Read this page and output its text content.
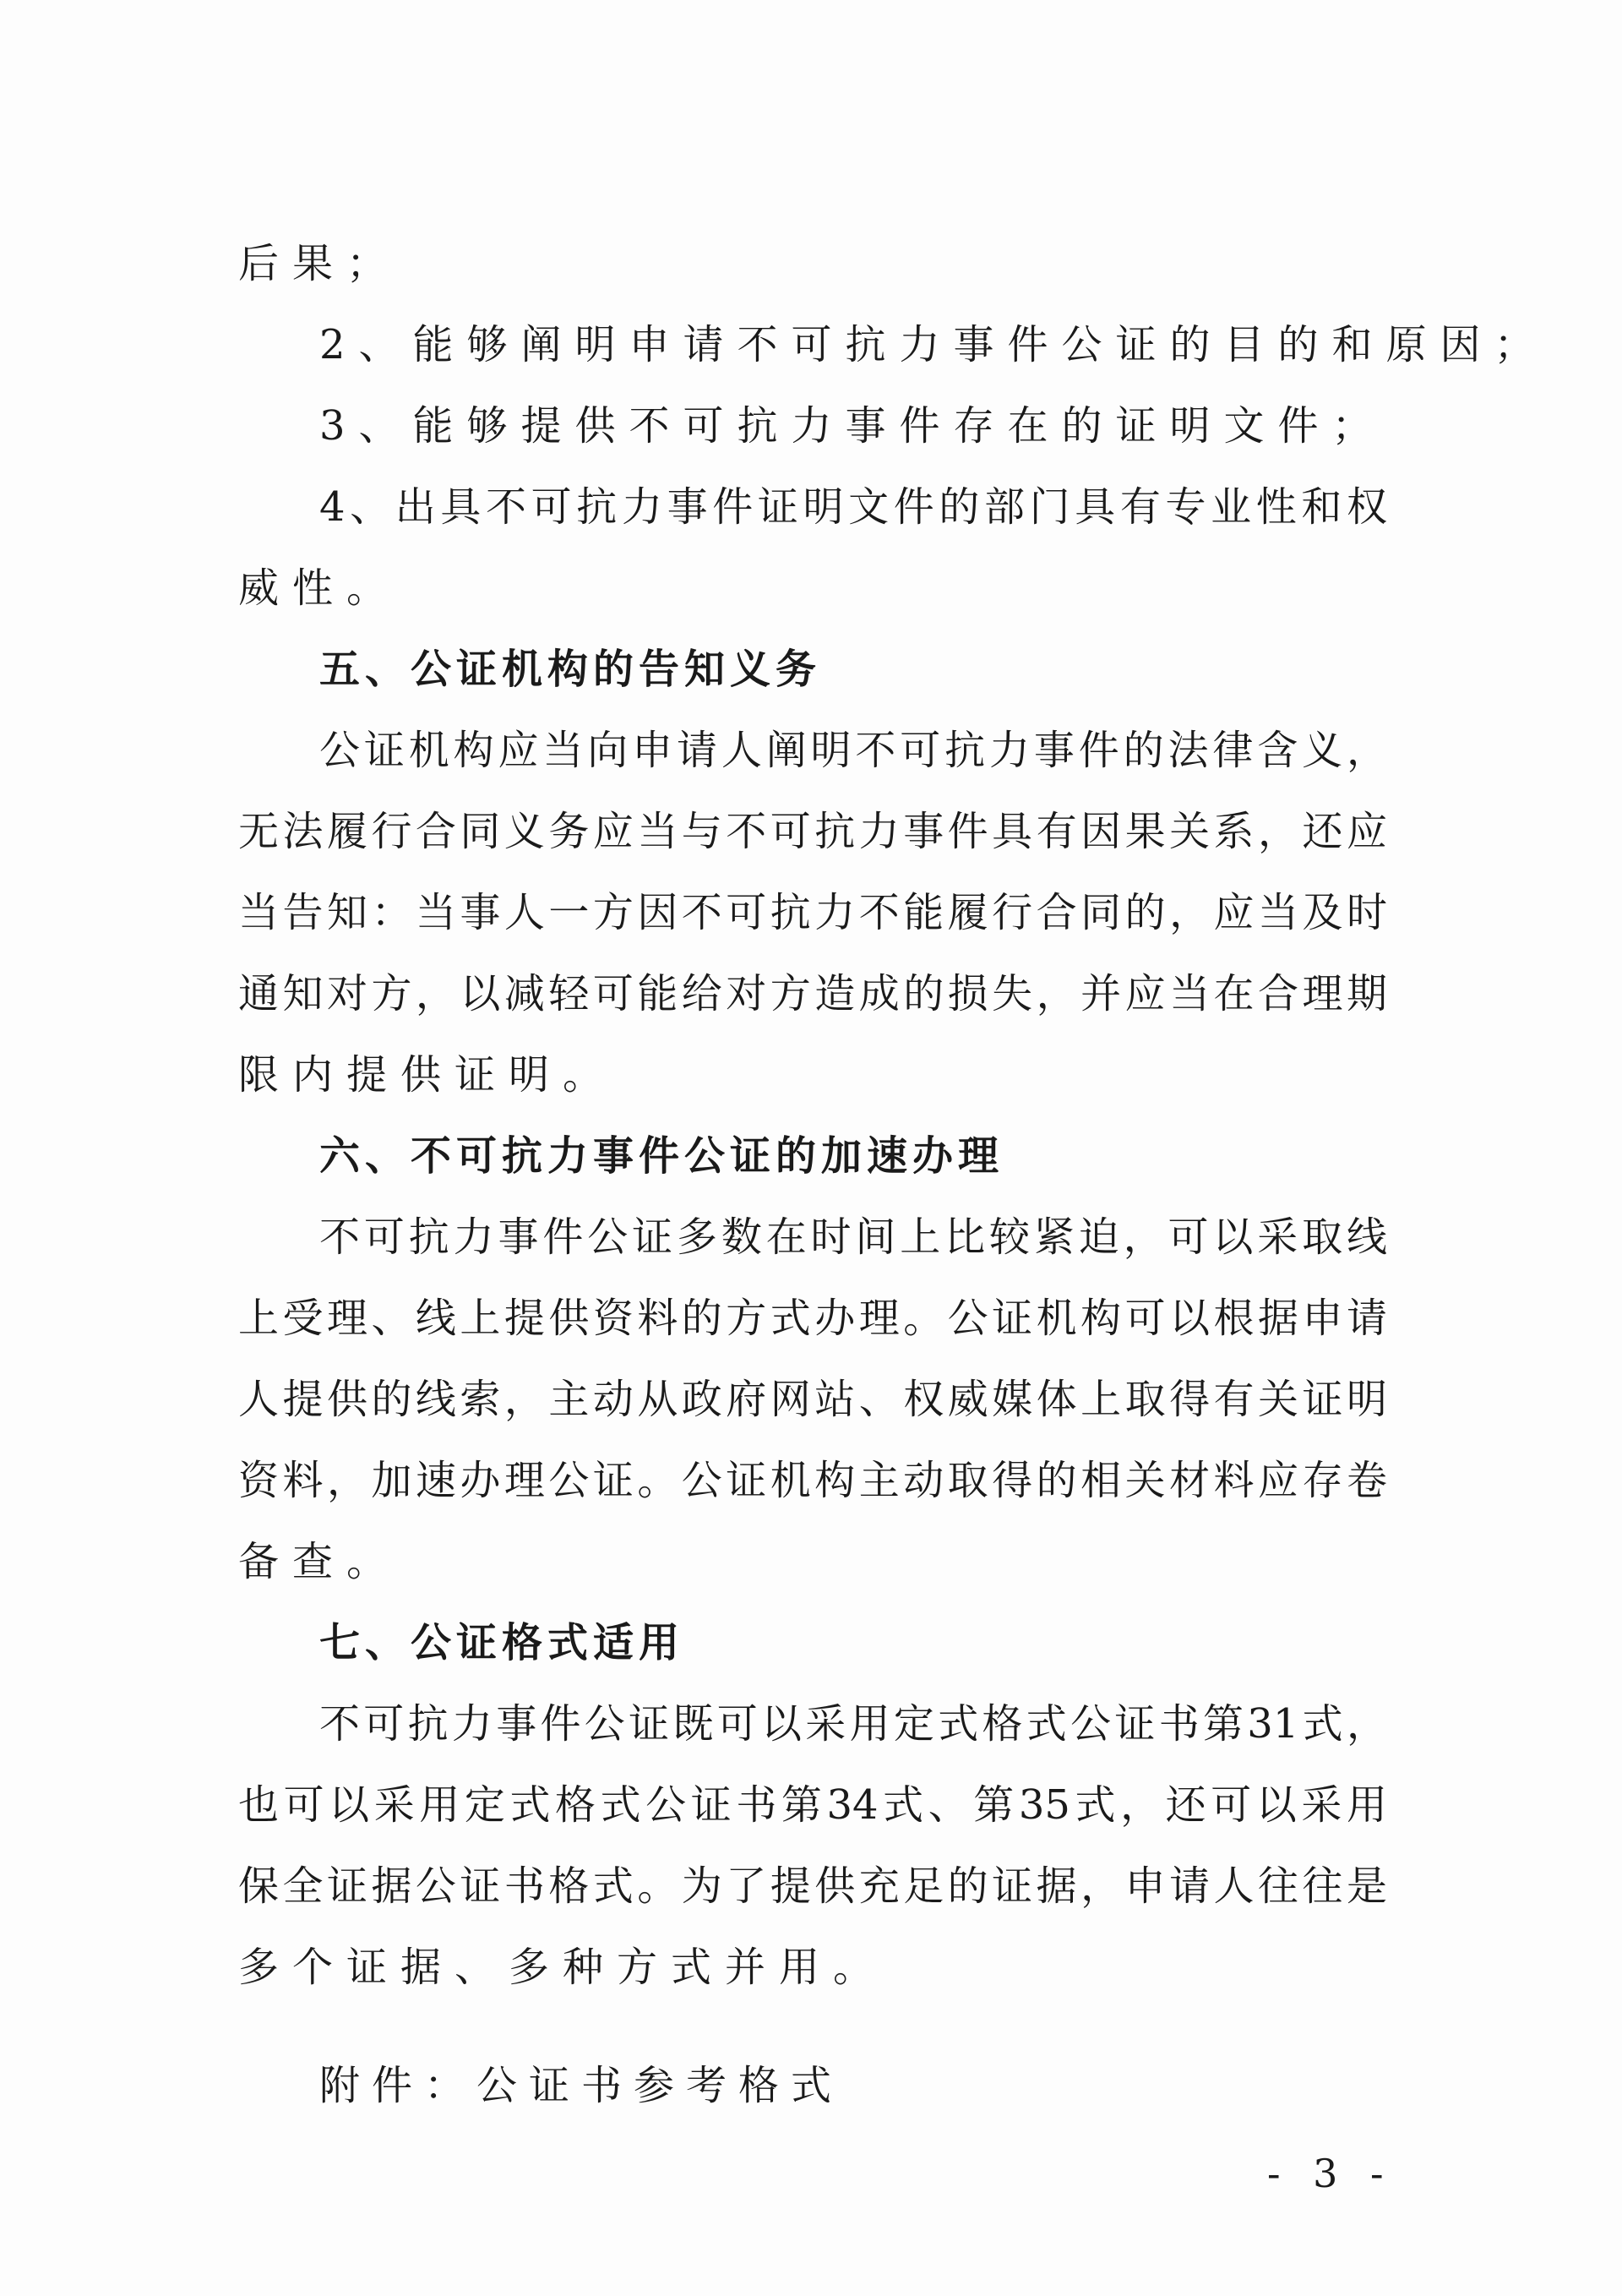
后果；
2、能够阐明申请不可抗力事件公证的目的和原因；
3、能够提供不可抗力事件存在的证明文件；
4、出具不可抗力事件证明文件的部门具有专业性和权
威性。
五、公证机构的告知义务
公证机构应当向申请人阐明不可抗力事件的法律含义，
无法履行合同义务应当与不可抗力事件具有因果关系，还应
当告知：当事人一方因不可抗力不能履行合同的，应当及时
通知对方，以减轻可能给对方造成的损失，并应当在合理期
限内提供证明。
六、不可抗力事件公证的加速办理
不可抗力事件公证多数在时间上比较紧迫，可以采取线
上受理、线上提供资料的方式办理。公证机构可以根据申请
人提供的线索，主动从政府网站、权威媒体上取得有关证明
资料，加速办理公证。公证机构主动取得的相关材料应存卷
备查。
七、公证格式适用
不可抗力事件公证既可以采用定式格式公证书第31式，
也可以采用定式格式公证书第34式、第35式，还可以采用
保全证据公证书格式。为了提供充足的证据，申请人往往是
多个证据、多种方式并用。
附件：公证书参考格式
- 3 -
